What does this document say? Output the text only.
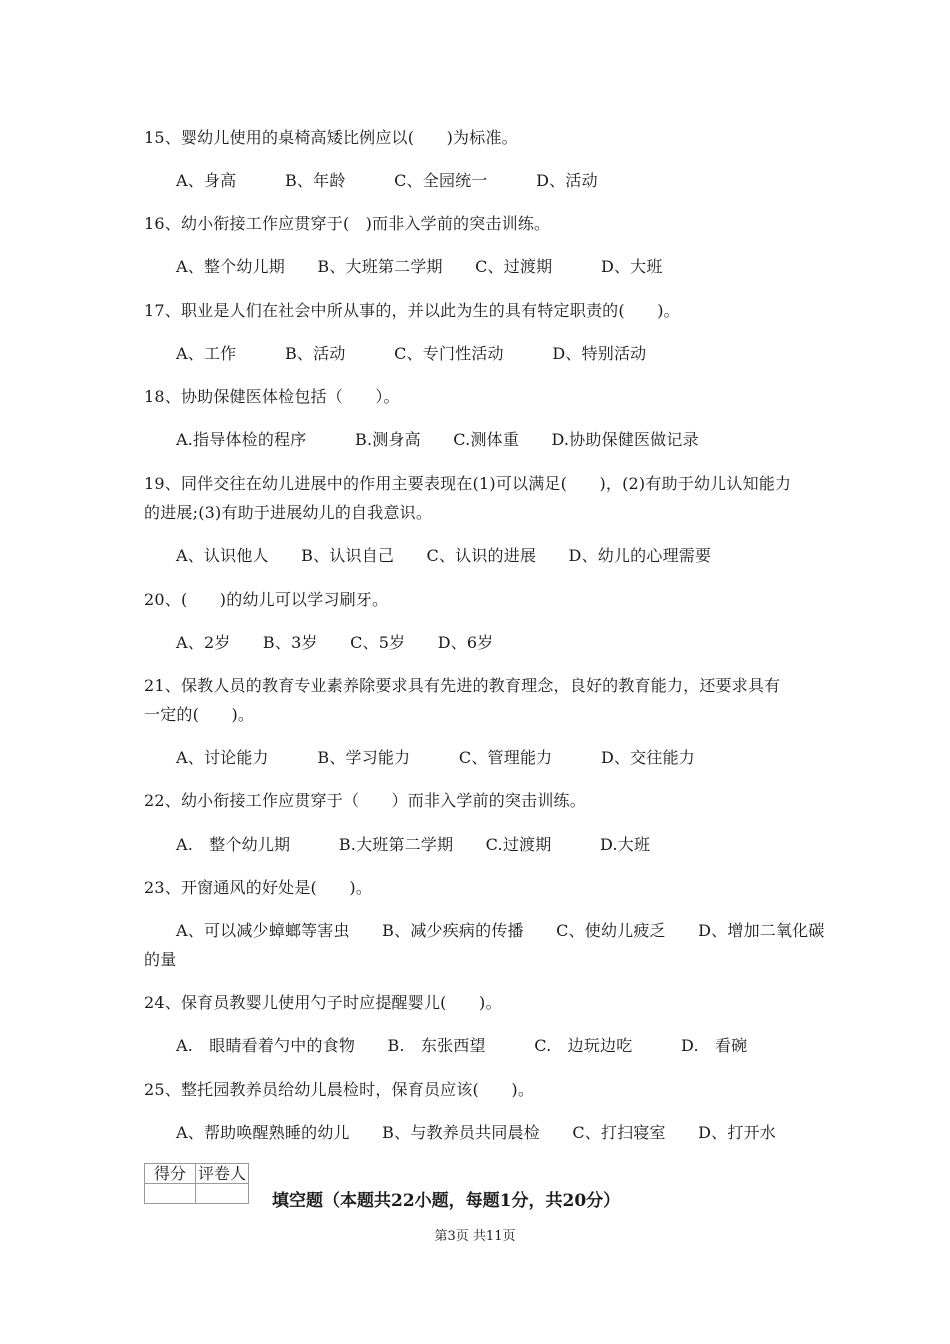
15、婴幼儿使用的桌椅高矮比例应以(　　)为标准。
A、身高　　　B、年龄　　　C、全园统一　　　D、活动
16、幼小衔接工作应贯穿于(　)而非入学前的突击训练。
A、整个幼儿期　　B、大班第二学期　　C、过渡期　　　D、大班
17、职业是人们在社会中所从事的，并以此为生的具有特定职责的(　　)。
A、工作　　　B、活动　　　C、专门性活动　　　D、特别活动
18、协助保健医体检包括（　　）。
A.指导体检的程序　　　B.测身高　　C.测体重　　D.协助保健医做记录
19、同伴交往在幼儿进展中的作用主要表现在(1)可以满足(　　)，(2)有助于幼儿认知能力
的进展;(3)有助于进展幼儿的自我意识。
A、认识他人　　B、认识自己　　C、认识的进展　　D、幼儿的心理需要
20、(　　)的幼儿可以学习刷牙。
A、2岁　　B、3岁　　C、5岁　　D、6岁
21、保教人员的教育专业素养除要求具有先进的教育理念，良好的教育能力，还要求具有
一定的(　　)。
A、讨论能力　　　B、学习能力　　　C、管理能力　　　D、交往能力
22、幼小衔接工作应贯穿于（　　）而非入学前的突击训练。
A.　整个幼儿期　　　B.大班第二学期　　C.过渡期　　　D.大班
23、开窗通风的好处是(　　)。
A、可以减少蟑螂等害虫　　B、减少疾病的传播　　C、使幼儿疲乏　　D、增加二氧化碳
的量
24、保育员教婴儿使用勺子时应提醒婴儿(　　)。
A.　眼睛看着勺中的食物　　B.　东张西望　　　C.　边玩边吃　　　D.　看碗
25、整托园教养员给幼儿晨检时，保育员应该(　　)。
A、帮助唤醒熟睡的幼儿　　B、与教养员共同晨检　　C、打扫寝室　　D、打开水
得分	评卷人

填空题（本题共22小题，每题1分，共20分）
第3页 共11页
